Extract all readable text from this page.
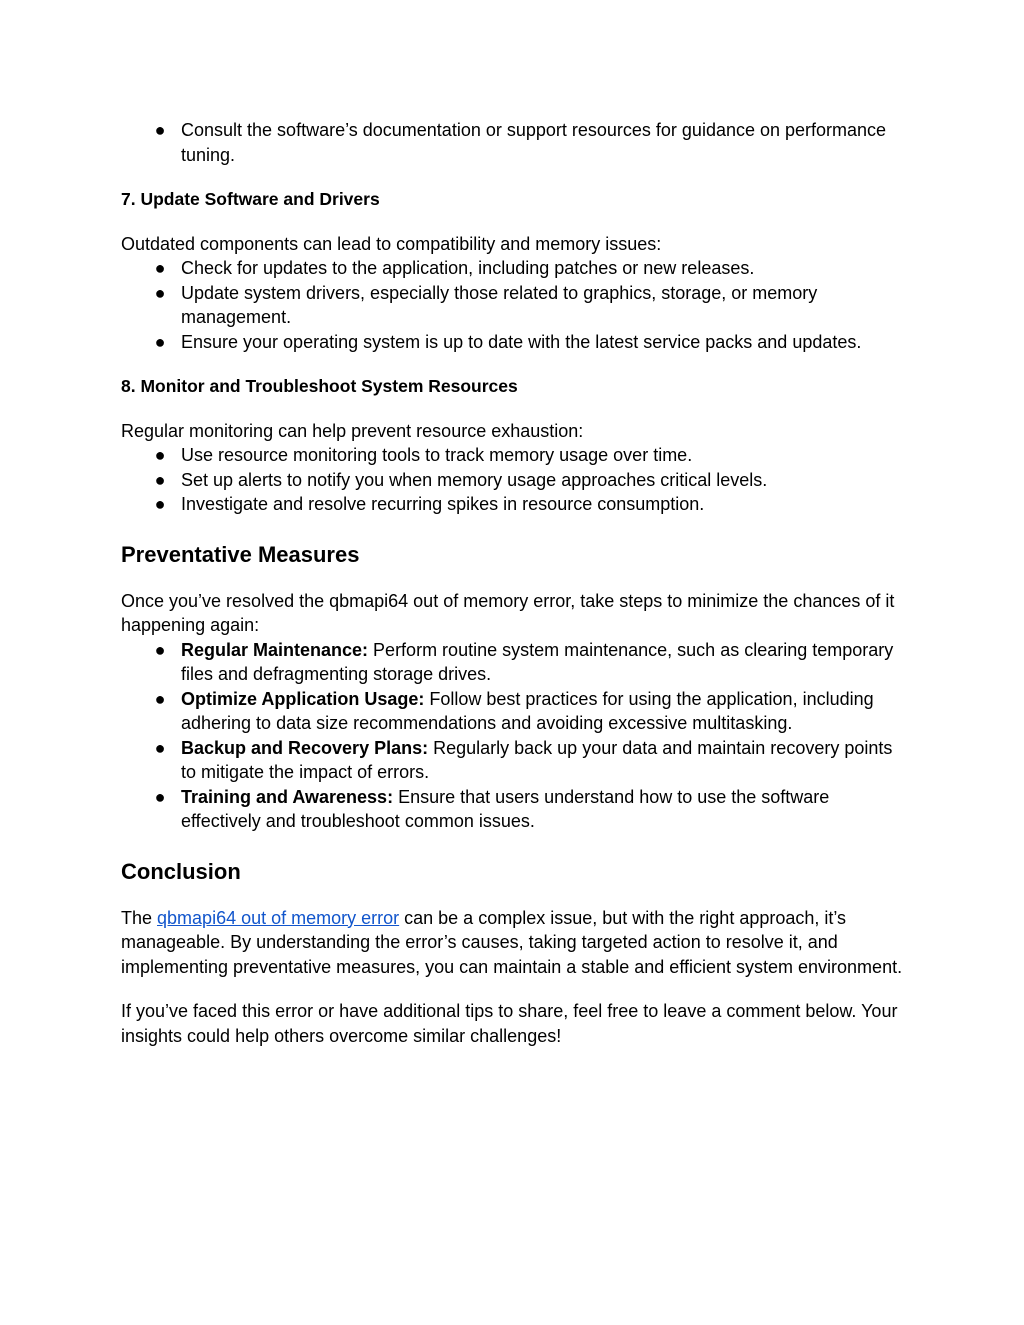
● Consult the software’s documentation or support resources for guidance on performance tuning.
7. Update Software and Drivers

Outdated components can lead to compatibility and memory issues:

● Check for updates to the application, including patches or new releases.
● Update system drivers, especially those related to graphics, storage, or memory management.
● Ensure your operating system is up to date with the latest service packs and updates.
8. Monitor and Troubleshoot System Resources

Regular monitoring can help prevent resource exhaustion:

● Use resource monitoring tools to track memory usage over time.
● Set up alerts to notify you when memory usage approaches critical levels.
● Investigate and resolve recurring spikes in resource consumption.
Preventative Measures

Once you’ve resolved the qbmapi64 out of memory error, take steps to minimize the chances of it happening again:

● Regular Maintenance: Perform routine system maintenance, such as clearing temporary files and defragmenting storage drives.
● Optimize Application Usage: Follow best practices for using the application, including adhering to data size recommendations and avoiding excessive multitasking.
● Backup and Recovery Plans: Regularly back up your data and maintain recovery points to mitigate the impact of errors.
● Training and Awareness: Ensure that users understand how to use the software effectively and troubleshoot common issues.
Conclusion

The qbmapi64 out of memory error can be a complex issue, but with the right approach, it’s manageable. By understanding the error’s causes, taking targeted action to resolve it, and implementing preventative measures, you can maintain a stable and efficient system environment.

If you’ve faced this error or have additional tips to share, feel free to leave a comment below. Your insights could help others overcome similar challenges!
